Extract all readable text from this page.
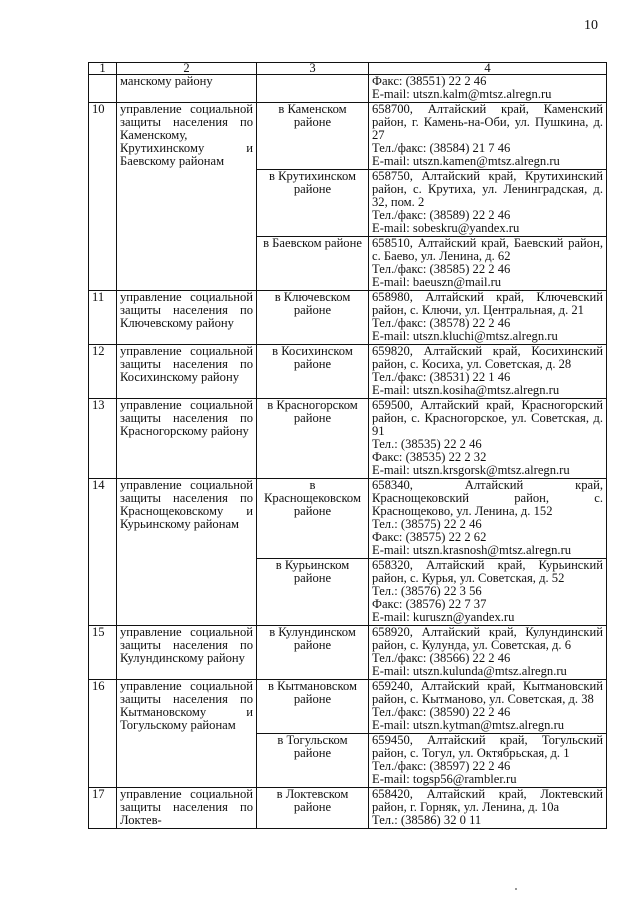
10
1	2	3	4
	манскому району		Факс: (38551) 22 2 46
E-mail: utszn.kalm@mtsz.alregn.ru

10	управление социальной защиты населения по Каменскому, Крутихинскому и Баевскому районам	в Каменском районе	658700, Алтайский край, Каменский район, г. Камень-на-Оби, ул. Пушкина, д. 27
Тел./факс: (38584) 21 7 46
E-mail: utszn.kamen@mtsz.alregn.ru

		в Крутихинском районе	658750, Алтайский край, Крутихинский район, с. Крутиха, ул. Ленинградская, д. 32, пом. 2
Тел./факс: (38589) 22 2 46
E-mail: sobeskru@yandex.ru

		в Баевском районе	658510, Алтайский край, Баевский район, с. Баево, ул. Ленина, д. 62
Тел./факс: (38585) 22 2 46
E-mail: baeuszn@mail.ru

11	управление социальной защиты населения по Ключевскому району	в Ключевском районе	658980, Алтайский край, Ключевский район, с. Ключи, ул. Центральная, д. 21
Тел./факс: (38578) 22 2 46
E-mail: utszn.kluchi@mtsz.alregn.ru

12	управление социальной защиты населения по Косихинскому району	в Косихинском районе	659820, Алтайский край, Косихинский район, с. Косиха, ул. Советская, д. 28
Тел./факс: (38531) 22 1 46
E-mail: utszn.kosiha@mtsz.alregn.ru

13	управление социальной защиты населения по Красногорскому району	в Красногорском районе	659500, Алтайский край, Красногорский район, с. Красногорское, ул. Советская, д. 91
Тел.: (38535) 22 2 46
Факс: (38535) 22 2 32
E-mail: utszn.krsgorsk@mtsz.alregn.ru

14	управление социальной защиты населения по Краснощековскому и Курьинскому районам	в Краснощековском районе	658340, Алтайский край, Краснощековский район, с. Краснощеково, ул. Ленина, д. 152
Тел.: (38575) 22 2 46
Факс: (38575) 22 2 62
E-mail: utszn.krasnosh@mtsz.alregn.ru

		в Курьинском районе	658320, Алтайский край, Курьинский район, с. Курья, ул. Советская, д. 52
Тел.: (38576) 22 3 56
Факс: (38576) 22 7 37
E-mail: kuruszn@yandex.ru

15	управление социальной защиты населения по Кулундинскому району	в Кулундинском районе	658920, Алтайский край, Кулундинский район, с. Кулунда, ул. Советская, д. 6
Тел./факс: (38566) 22 2 46
E-mail: utszn.kulunda@mtsz.alregn.ru

16	управление социальной защиты населения по Кытмановскому и Тогульскому районам	в Кытмановском районе	659240, Алтайский край, Кытмановский район, с. Кытманово, ул. Советская, д. 38
Тел./факс: (38590) 22 2 46
E-mail: utszn.kytman@mtsz.alregn.ru

		в Тогульском районе	659450, Алтайский край, Тогульский район, с. Тогул, ул. Октябрьская, д. 1
Тел./факс: (38597) 22 2 46
E-mail: togsp56@rambler.ru

17	управление социальной защиты населения по Локтев-	в Локтевском районе	658420, Алтайский край, Локтевский район, г. Горняк, ул. Ленина, д. 10а
Тел.: (38586) 32 0 11
